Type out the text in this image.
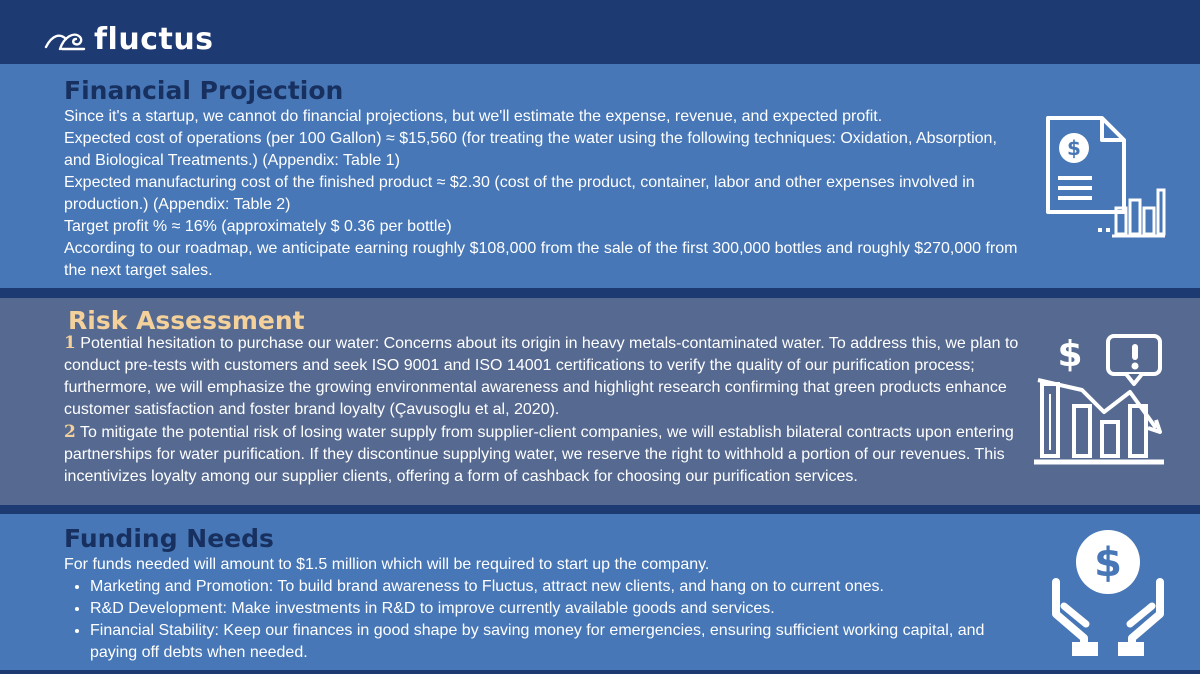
fluctus
Financial Projection

Since it's a startup, we cannot do financial projections, but we'll estimate the expense, revenue, and expected profit.

Expected cost of operations (per 100 Gallon) ≈ $15,560 (for treating the water using the following techniques: Oxidation, Absorption, and Biological Treatments.) (Appendix: Table 1)

Expected manufacturing cost of the finished product ≈ $2.30 (cost of the product, container, labor and other expenses involved in production.) (Appendix: Table 2)

Target profit % ≈ 16% (approximately $ 0.36 per bottle)

According to our roadmap, we anticipate earning roughly $108,000 from the sale of the first 300,000 bottles and roughly $270,000 from the next target sales.

$
Risk Assessment

1 Potential hesitation to purchase our water: Concerns about its origin in heavy metals-contaminated water. To address this, we plan to conduct pre-tests with customers and seek ISO 9001 and ISO 14001 certifications to verify the quality of our purification process; furthermore, we will emphasize the growing environmental awareness and highlight research confirming that green products enhance customer satisfaction and foster brand loyalty (Çavusoglu et al, 2020).

2 To mitigate the potential risk of losing water supply from supplier-client companies, we will establish bilateral contracts upon entering partnerships for water purification. If they discontinue supplying water, we reserve the right to withhold a portion of our revenues. This incentivizes loyalty among our supplier clients, offering a form of cashback for choosing our purification services.

$
Funding Needs

For funds needed will amount to $1.5 million which will be required to start up the company.

• Marketing and Promotion: To build brand awareness to Fluctus, attract new clients, and hang on to current ones.
• R&D Development: Make investments in R&D to improve currently available goods and services.
• Financial Stability: Keep our finances in good shape by saving money for emergencies, ensuring sufficient working capital, and paying off debts when needed.
$
